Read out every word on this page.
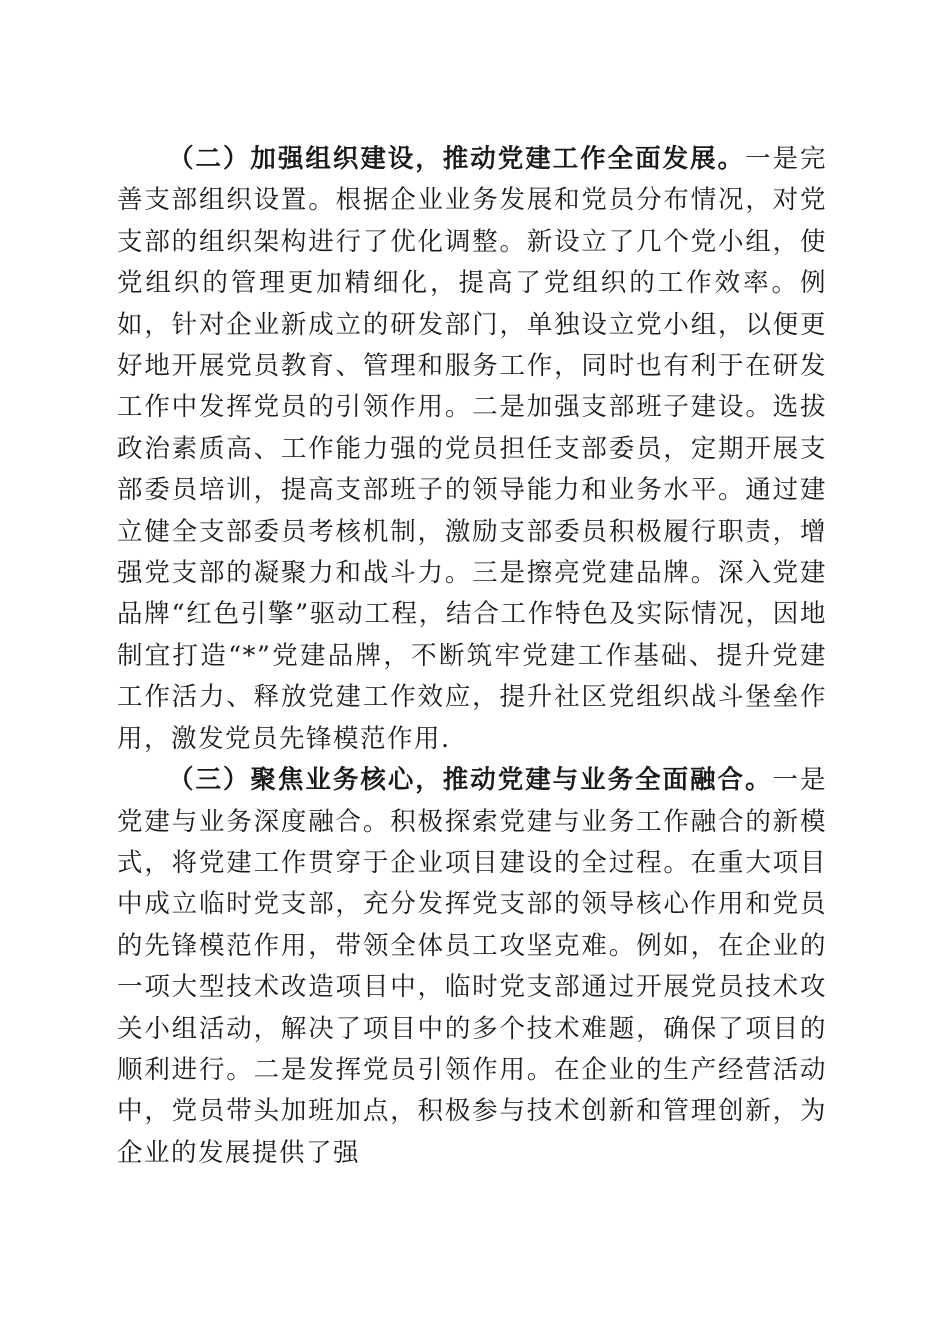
（二）加强组织建设，推动党建工作全面发展。一是完善支部组织设置。根据企业业务发展和党员分布情况，对党支部的组织架构进行了优化调整。新设立了几个党小组，使党组织的管理更加精细化，提高了党组织的工作效率。例如，针对企业新成立的研发部门，单独设立党小组，以便更好地开展党员教育、管理和服务工作，同时也有利于在研发工作中发挥党员的引领作用。二是加强支部班子建设。选拔政治素质高、工作能力强的党员担任支部委员，定期开展支部委员培训，提高支部班子的领导能力和业务水平。通过建立健全支部委员考核机制，激励支部委员积极履行职责，增强党支部的凝聚力和战斗力。三是擦亮党建品牌。深入党建品牌“红色引擎”驱动工程，结合工作特色及实际情况，因地制宜打造“*”党建品牌，不断筑牢党建工作基础、提升党建工作活力、释放党建工作效应，提升社区党组织战斗堡垒作用，激发党员先锋模范作用.

（三）聚焦业务核心，推动党建与业务全面融合。一是党建与业务深度融合。积极探索党建与业务工作融合的新模式，将党建工作贯穿于企业项目建设的全过程。在重大项目中成立临时党支部，充分发挥党支部的领导核心作用和党员的先锋模范作用，带领全体员工攻坚克难。例如，在企业的一项大型技术改造项目中，临时党支部通过开展党员技术攻关小组活动，解决了项目中的多个技术难题，确保了项目的顺利进行。二是发挥党员引领作用。在企业的生产经营活动中，党员带头加班加点，积极参与技术创新和管理创新，为企业的发展提供了强
